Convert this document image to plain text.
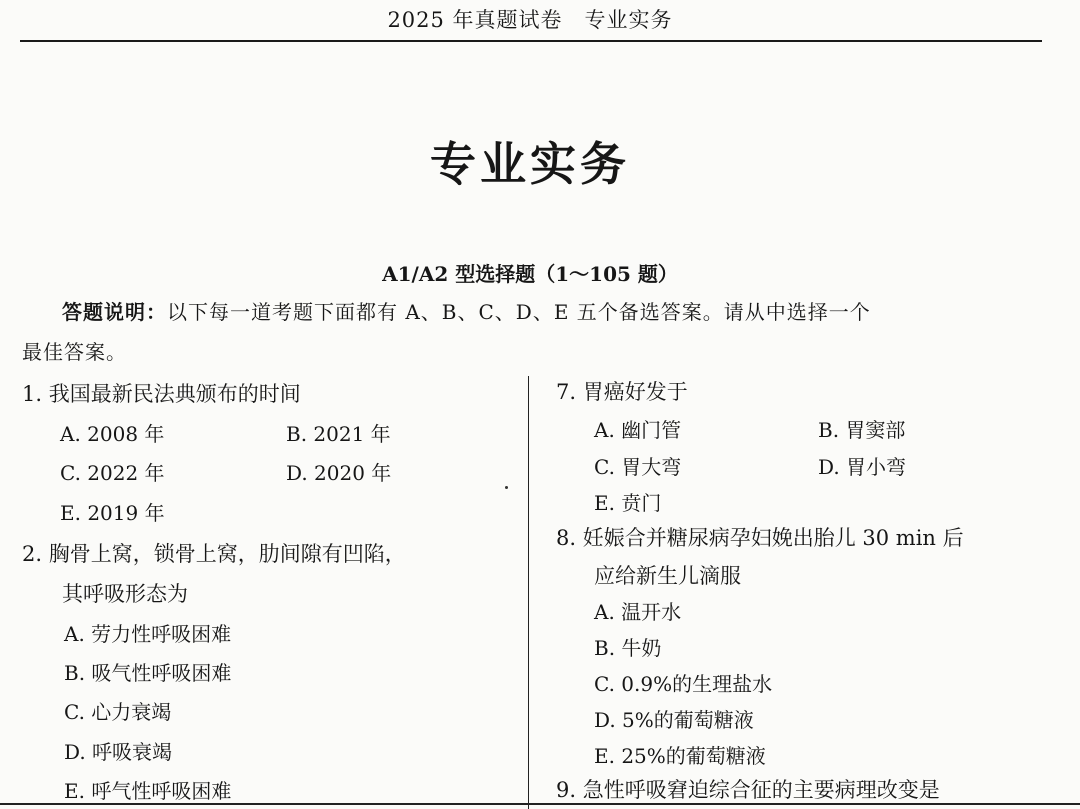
2025 年真题试卷　专业实务
专业实务
A1/A2 型选择题（1～105 题）
答题说明：以下每一道考题下面都有 A、B、C、D、E 五个备选答案。请从中选择一个
最佳答案。
1. 我国最新民法典颁布的时间
A. 2008 年	B. 2021 年
C. 2022 年	D. 2020 年
E. 2019 年
2. 胸骨上窝，锁骨上窝，肋间隙有凹陷，
其呼吸形态为
A. 劳力性呼吸困难
B. 吸气性呼吸困难
C. 心力衰竭
D. 呼吸衰竭
E. 呼气性呼吸困难
7. 胃癌好发于
A. 幽门管	B. 胃窦部
C. 胃大弯	D. 胃小弯
E. 贲门
8. 妊娠合并糖尿病孕妇娩出胎儿 30 min 后
应给新生儿滴服
A. 温开水
B. 牛奶
C. 0.9%的生理盐水
D. 5%的葡萄糖液
E. 25%的葡萄糖液
9. 急性呼吸窘迫综合征的主要病理改变是
